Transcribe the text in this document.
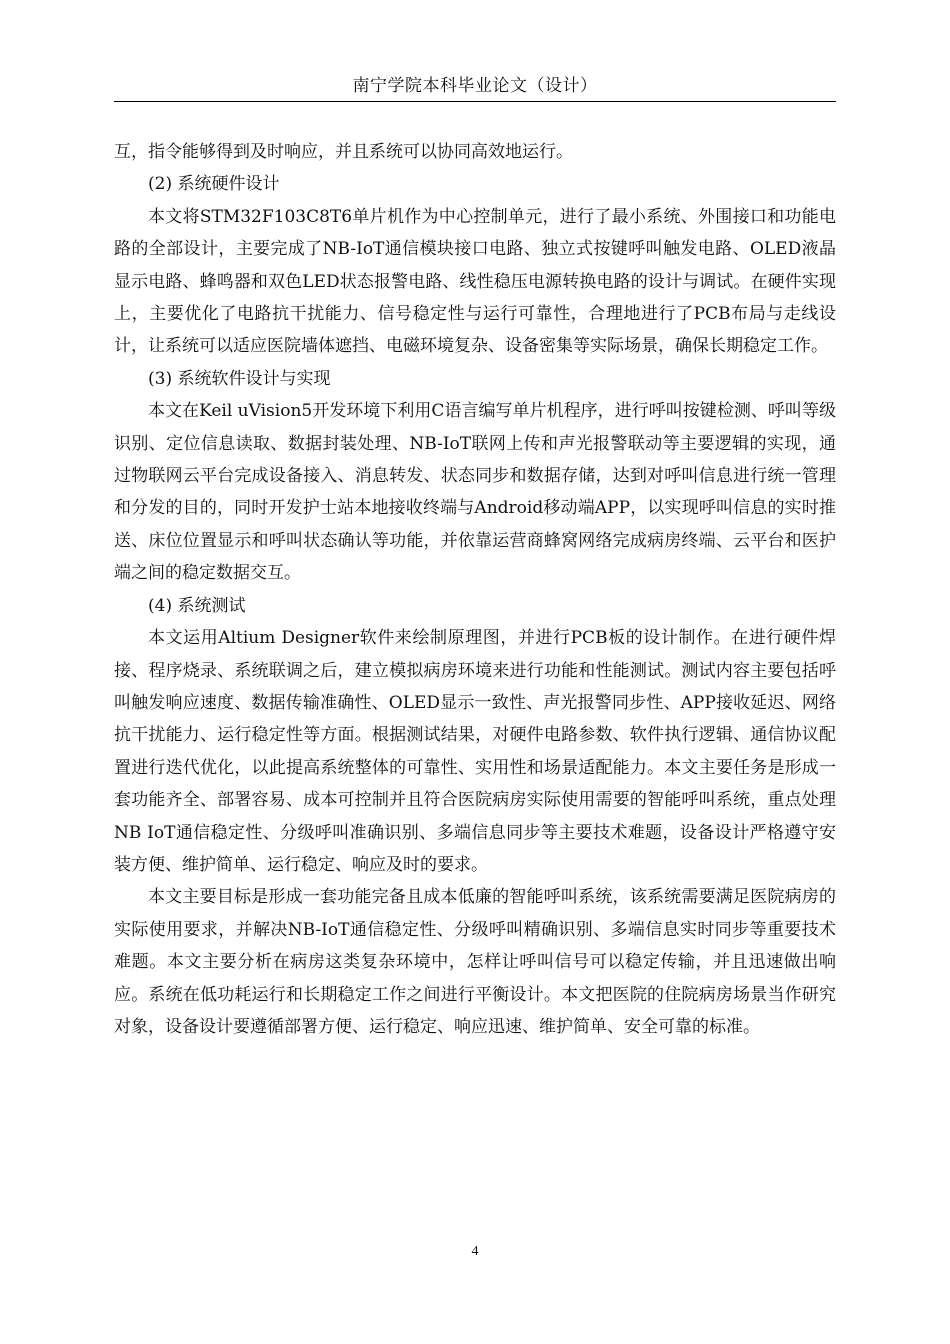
南宁学院本科毕业论文（设计）

互，指令能够得到及时响应，并且系统可以协同高效地运行。

(2) 系统硬件设计

本文将STM32F103C8T6单片机作为中心控制单元，进行了最小系统、外围接口和功能电路的全部设计，主要完成了NB-IoT通信模块接口电路、独立式按键呼叫触发电路、OLED液晶显示电路、蜂鸣器和双色LED状态报警电路、线性稳压电源转换电路的设计与调试。在硬件实现上，主要优化了电路抗干扰能力、信号稳定性与运行可靠性，合理地进行了PCB布局与走线设计，让系统可以适应医院墙体遮挡、电磁环境复杂、设备密集等实际场景，确保长期稳定工作。

(3) 系统软件设计与实现

本文在Keil uVision5开发环境下利用C语言编写单片机程序，进行呼叫按键检测、呼叫等级识别、定位信息读取、数据封装处理、NB-IoT联网上传和声光报警联动等主要逻辑的实现，通过物联网云平台完成设备接入、消息转发、状态同步和数据存储，达到对呼叫信息进行统一管理和分发的目的，同时开发护士站本地接收终端与Android移动端APP，以实现呼叫信息的实时推送、床位位置显示和呼叫状态确认等功能，并依靠运营商蜂窝网络完成病房终端、云平台和医护端之间的稳定数据交互。

(4) 系统测试

本文运用Altium Designer软件来绘制原理图，并进行PCB板的设计制作。在进行硬件焊接、程序烧录、系统联调之后，建立模拟病房环境来进行功能和性能测试。测试内容主要包括呼叫触发响应速度、数据传输准确性、OLED显示一致性、声光报警同步性、APP接收延迟、网络抗干扰能力、运行稳定性等方面。根据测试结果，对硬件电路参数、软件执行逻辑、通信协议配置进行迭代优化，以此提高系统整体的可靠性、实用性和场景适配能力。本文主要任务是形成一套功能齐全、部署容易、成本可控制并且符合医院病房实际使用需要的智能呼叫系统，重点处理NB IoT通信稳定性、分级呼叫准确识别、多端信息同步等主要技术难题，设备设计严格遵守安装方便、维护简单、运行稳定、响应及时的要求。

本文主要目标是形成一套功能完备且成本低廉的智能呼叫系统，该系统需要满足医院病房的实际使用要求，并解决NB-IoT通信稳定性、分级呼叫精确识别、多端信息实时同步等重要技术难题。本文主要分析在病房这类复杂环境中，怎样让呼叫信号可以稳定传输，并且迅速做出响应。系统在低功耗运行和长期稳定工作之间进行平衡设计。本文把医院的住院病房场景当作研究对象，设备设计要遵循部署方便、运行稳定、响应迅速、维护简单、安全可靠的标准。

4
